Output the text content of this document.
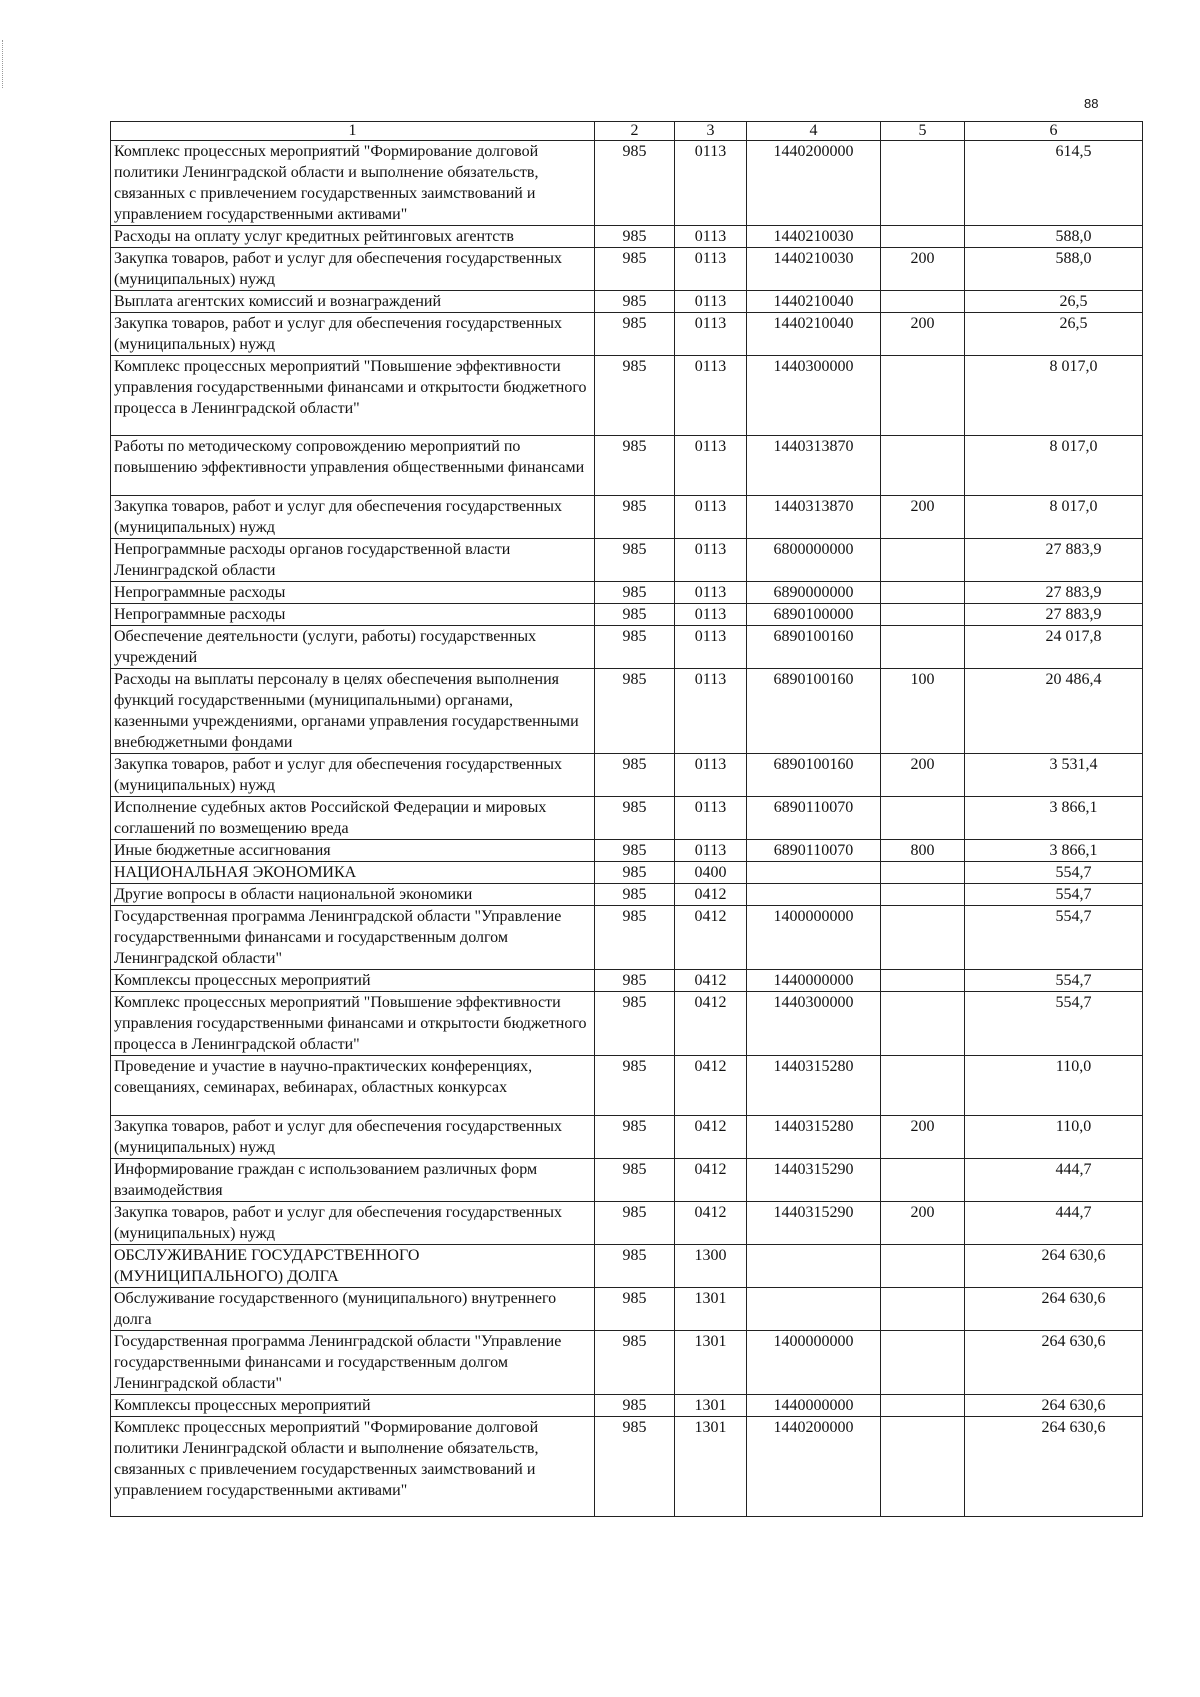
88
1	2	3	4	5	6
Комплекс процессных мероприятий "Формирование долговой политики Ленинградской области и выполнение обязательств, связанных с привлечением государственных заимствований и управлением государственными активами"	985	0113	1440200000		614,5
Расходы на оплату услуг кредитных рейтинговых агентств	985	0113	1440210030		588,0
Закупка товаров, работ и услуг для обеспечения государственных (муниципальных) нужд	985	0113	1440210030	200	588,0
Выплата агентских комиссий и вознаграждений	985	0113	1440210040		26,5
Закупка товаров, работ и услуг для обеспечения государственных (муниципальных) нужд	985	0113	1440210040	200	26,5
Комплекс процессных мероприятий "Повышение эффективности управления государственными финансами и открытости бюджетного процесса в Ленинградской области"	985	0113	1440300000		8 017,0
Работы по методическому сопровождению мероприятий по повышению эффективности управления общественными финансами	985	0113	1440313870		8 017,0
Закупка товаров, работ и услуг для обеспечения государственных (муниципальных) нужд	985	0113	1440313870	200	8 017,0
Непрограммные расходы органов государственной власти Ленинградской области	985	0113	6800000000		27 883,9
Непрограммные расходы	985	0113	6890000000		27 883,9
Непрограммные расходы	985	0113	6890100000		27 883,9
Обеспечение деятельности (услуги, работы) государственных учреждений	985	0113	6890100160		24 017,8
Расходы на выплаты персоналу в целях обеспечения выполнения функций государственными (муниципальными) органами, казенными учреждениями, органами управления государственными внебюджетными фондами	985	0113	6890100160	100	20 486,4
Закупка товаров, работ и услуг для обеспечения государственных (муниципальных) нужд	985	0113	6890100160	200	3 531,4
Исполнение судебных актов Российской Федерации и мировых соглашений по возмещению вреда	985	0113	6890110070		3 866,1
Иные бюджетные ассигнования	985	0113	6890110070	800	3 866,1
НАЦИОНАЛЬНАЯ ЭКОНОМИКА	985	0400			554,7
Другие вопросы в области национальной экономики	985	0412			554,7
Государственная программа Ленинградской области "Управление государственными финансами и государственным долгом Ленинградской области"	985	0412	1400000000		554,7
Комплексы процессных мероприятий	985	0412	1440000000		554,7
Комплекс процессных мероприятий "Повышение эффективности управления государственными финансами и открытости бюджетного процесса в Ленинградской области"	985	0412	1440300000		554,7
Проведение и участие в научно-практических конференциях, совещаниях, семинарах, вебинарах, областных конкурсах	985	0412	1440315280		110,0
Закупка товаров, работ и услуг для обеспечения государственных (муниципальных) нужд	985	0412	1440315280	200	110,0
Информирование граждан с использованием различных форм взаимодействия	985	0412	1440315290		444,7
Закупка товаров, работ и услуг для обеспечения государственных (муниципальных) нужд	985	0412	1440315290	200	444,7
ОБСЛУЖИВАНИЕ ГОСУДАРСТВЕННОГО (МУНИЦИПАЛЬНОГО) ДОЛГА	985	1300			264 630,6
Обслуживание государственного (муниципального) внутреннего долга	985	1301			264 630,6
Государственная программа Ленинградской области "Управление государственными финансами и государственным долгом Ленинградской области"	985	1301	1400000000		264 630,6
Комплексы процессных мероприятий	985	1301	1440000000		264 630,6
Комплекс процессных мероприятий "Формирование долговой политики Ленинградской области и выполнение обязательств, связанных с привлечением государственных заимствований и управлением государственными активами"	985	1301	1440200000		264 630,6
